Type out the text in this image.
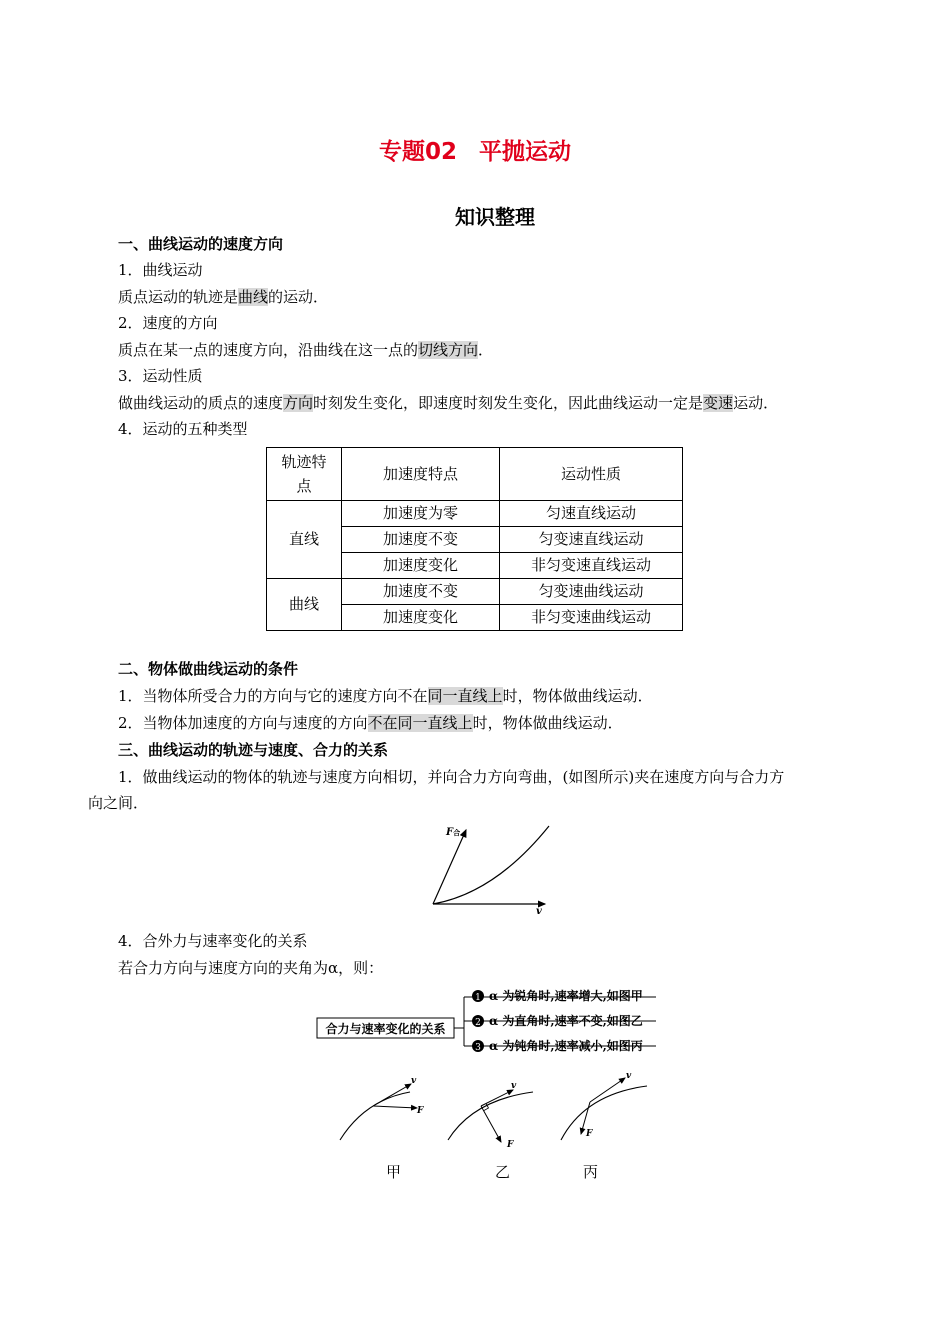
专题02 平抛运动
知识整理
一、曲线运动的速度方向
1．曲线运动
质点运动的轨迹是曲线的运动．
2．速度的方向
质点在某一点的速度方向，沿曲线在这一点的切线方向．
3．运动性质
做曲线运动的质点的速度方向时刻发生变化，即速度时刻发生变化，因此曲线运动一定是变速运动．
4．运动的五种类型
轨迹特点	加速度特点	运动性质
直线	加速度为零	匀速直线运动
	加速度不变	匀变速直线运动
	加速度变化	非匀变速直线运动
曲线	加速度不变	匀变速曲线运动
	加速度变化	非匀变速曲线运动
二、物体做曲线运动的条件
1．当物体所受合力的方向与它的速度方向不在同一直线上时，物体做曲线运动．
2．当物体加速度的方向与速度的方向不在同一直线上时，物体做曲线运动．
三、曲线运动的轨迹与速度、合力的关系
1．做曲线运动的物体的轨迹与速度方向相切，并向合力方向弯曲，(如图所示)夹在速度方向与合力方
向之间．
F合
v
4．合外力与速率变化的关系
若合力方向与速度方向的夹角为α，则：
合力与速率变化的关系
1 α 为锐角时,速率增大,如图甲
2 α 为直角时,速率不变,如图乙
3 α 为钝角时,速率减小,如图丙
v
F
v
F
v
F
甲	乙	丙
